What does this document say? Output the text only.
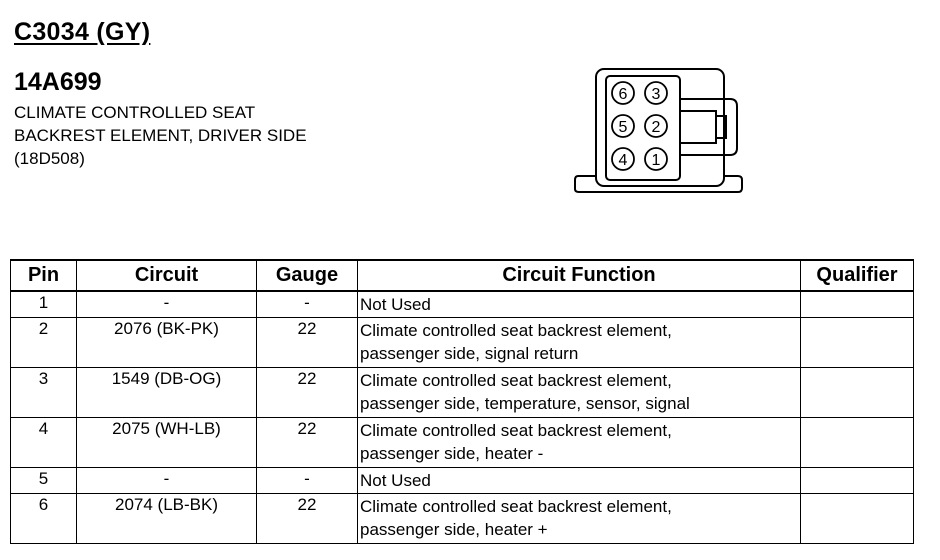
C3034 (GY)
14A699
CLIMATE CONTROLLED SEAT
BACKREST ELEMENT, DRIVER SIDE
(18D508)
6 3
5 2
4 1
Pin	Circuit	Gauge	Circuit Function	Qualifier
1	-	-	Not Used	

2	2076 (BK-PK)	22	Climate controlled seat backrest element,
passenger side, signal return	

3	1549 (DB-OG)	22	Climate controlled seat backrest element,
passenger side, temperature, sensor, signal	

4	2075 (WH-LB)	22	Climate controlled seat backrest element,
passenger side, heater -	

5	-	-	Not Used	

6	2074 (LB-BK)	22	Climate controlled seat backrest element,
passenger side, heater +	
